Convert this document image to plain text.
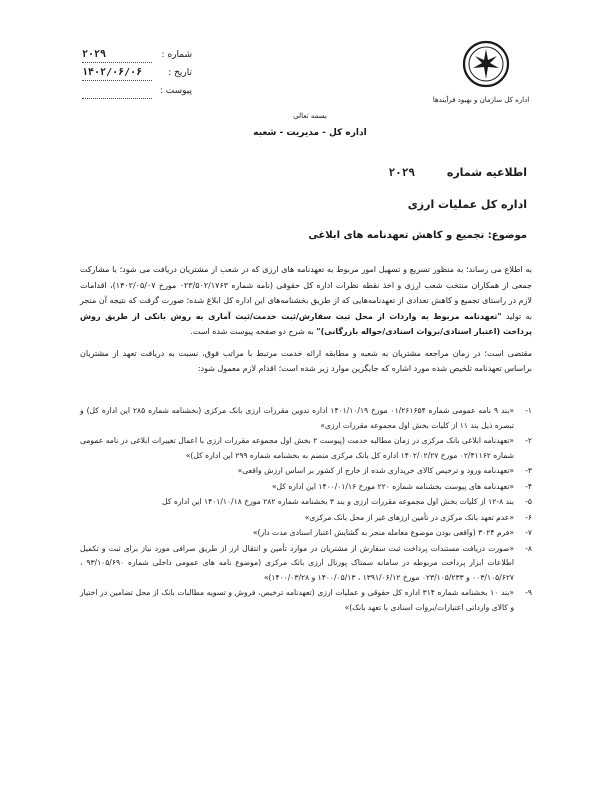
شماره :
۲۰۲۹
تاریخ :
۱۴۰۲/۰۶/۰۶
پیوست :
اداره کل سازمان و بهبود فرآیندها
بسمه تعالی
اداره کل - مدیریت - شعبه
اطلاعیه شماره ۲۰۲۹
اداره کل عملیات ارزی
موضوع: تجمیع و کاهش تعهدنامه های ابلاغی

به اطلاع می رساند؛ به منظور تسریع و تسهیل امور مربوط به تعهدنامه های ارزی که در شعب از مشتریان دریافت می شود؛ با مشارکت جمعی از همکاران منتخب شعب ارزی و اخذ نقطه نظرات اداره کل حقوقی (نامه شماره ۰۲۳/۵۰۲/۱۷۶۳ مورخ ۱۴۰۲/۰۵/۰۷)، اقدامات لازم در راستای تجمیع و کاهش تعدادی از تعهدنامه‌هایی که از طریق بخشنامه‌های این اداره کل ابلاغ شده؛ صورت گرفت که نتیجه آن منجر به تولید "تعهدنامه مربوط به واردات از محل ثبت سفارش/ثبت خدمت/ثبت آماری به روش بانکی از طریق روش پرداخت (اعتبار اسنادی/بروات اسنادی/حواله بازرگانی)" به شرح دو صفحه پیوست شده است.

مقتضی است؛ در زمان مراجعه مشتریان به شعبه و مطابقه ارائه خدمت مرتبط با مراتب فوق، نسبت به دریافت تعهد از مشتریان براساس تعهدنامه تلخیص شده مورد اشاره که جایگزین موارد زیر شده است؛ اقدام لازم معمول شود:

۱-
«بند ۹ نامه عمومی شماره ۰۱/۲۶۱۶۵۴ مورخ ۱۴۰۱/۱۰/۱۹ اداره تدوین مقررات ارزی بانک مرکزی (بخشنامه شماره ۲۸۵ این اداره کل) و تبصره ذیل بند ۱۱ از کلیات بخش اول مجموعه مقررات ارزی»
۲-
«تعهدنامه ابلاغی بانک مرکزی در زمان مطالبه خدمت (پیوست ۲ بخش اول مجموعه مقررات ارزی با اعمال تغییرات ابلاغی در نامه عمومی شماره ۰۲/۴۱۱۶۲ مورخ ۱۴۰۲/۰۲/۲۷ اداره کل بانک مرکزی منضم به بخشنامه شماره ۲۹۹ این اداره کل)»
۳-
«تعهدنامه ورود و ترخیص کالای خریداری شده از خارج از کشور بر اساس ارزش واقعی»
۴-
«تعهدنامه های پیوست بخشنامه شماره ۲۲۰ مورخ ۱۴۰۰/۰۱/۱۶ این اداره کل»
۵-
بند ۸-۱۲ از کلیات بخش اول مجموعه مقررات ارزی و بند ۳ بخشنامه شماره ۲۸۲ مورخ ۱۴۰۱/۱۰/۱۸ این اداره کل
۶-
«عدم تعهد بانک مرکزی در تأمین ارزهای غیر از محل بانک مرکزی»
۷-
«فرم ۳۰۲۴ (واقعی بودن موضوع معامله منجر به گشایش اعتبار اسنادی مدت دار)»
۸-
«صورت دریافت مستندات پرداخت ثبت سفارش از مشتریان در موارد تأمین و انتقال ارز از طریق صرافی مورد نیاز برای ثبت و تکمیل اطلاعات ابزار پرداخت مربوطه در سامانه سمتاک پورتال ارزی بانک مرکزی (موضوع نامه های عمومی داخلی شماره ۹۳/۱۰۵/۶۹۰ ، ۰۰۳/۱۰۵/۶۲۷ و ۰۲۳/۱۰۵/۲۳۳ مورخ ۱۳۹۱/۰۶/۱۲ ، ۱۴۰۰/۰۵/۱۳ و ۱۴۰۰/۰۳/۲۸)»
۹-
«بند ۱۰ بخشنامه شماره ۳۱۴ اداره کل حقوقی و عملیات ارزی (تعهدنامه ترخیص، فروش و تسویه مطالبات بانک از محل تضامین در اختیار و کالای وارداتی اعتبارات/بروات اسنادی با تعهد بانک)»
